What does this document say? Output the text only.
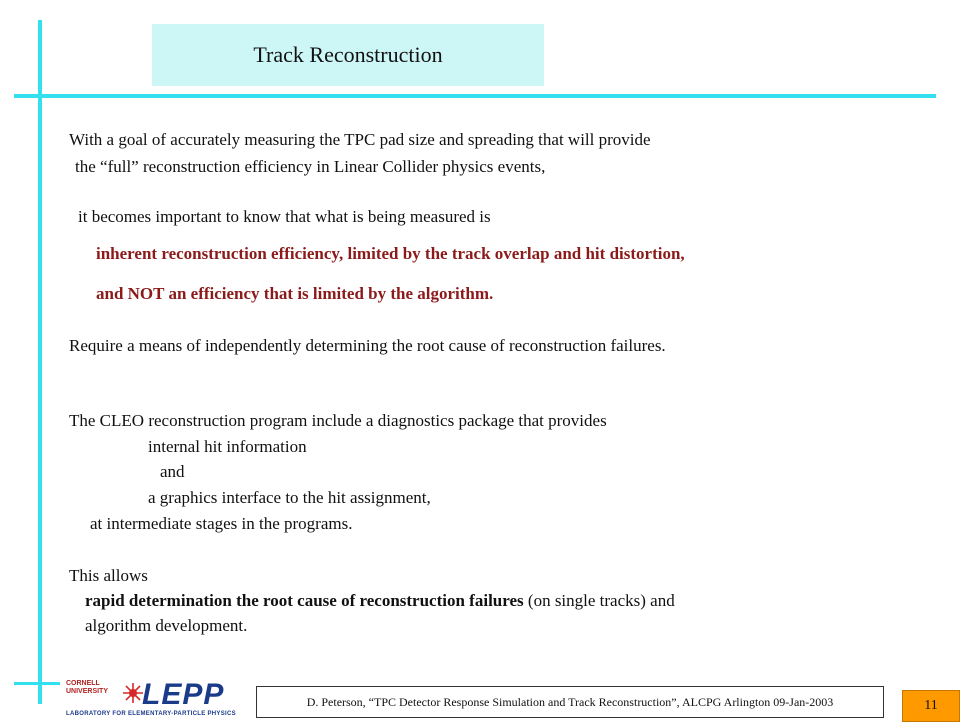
Track Reconstruction
With a goal of accurately measuring the TPC pad size and spreading that will provide
the “full” reconstruction efficiency in Linear Collider physics events,
it becomes important to know that what is being measured is
inherent reconstruction efficiency, limited by the track overlap and hit distortion,
and NOT an efficiency that is limited by the algorithm.
Require a means of independently determining the root cause of reconstruction failures.
The CLEO reconstruction program include a diagnostics package that provides
internal hit information
and
a graphics interface to the hit assignment,
at intermediate stages in the programs.
This allows
rapid determination the root cause of reconstruction failures (on single tracks) and
algorithm development.
CORNELL
UNIVERSITY LEPP
LABORATORY FOR ELEMENTARY-PARTICLE PHYSICS
D. Peterson, “TPC Detector Response Simulation and Track Reconstruction”, ALCPG Arlington 09-Jan-2003	11
